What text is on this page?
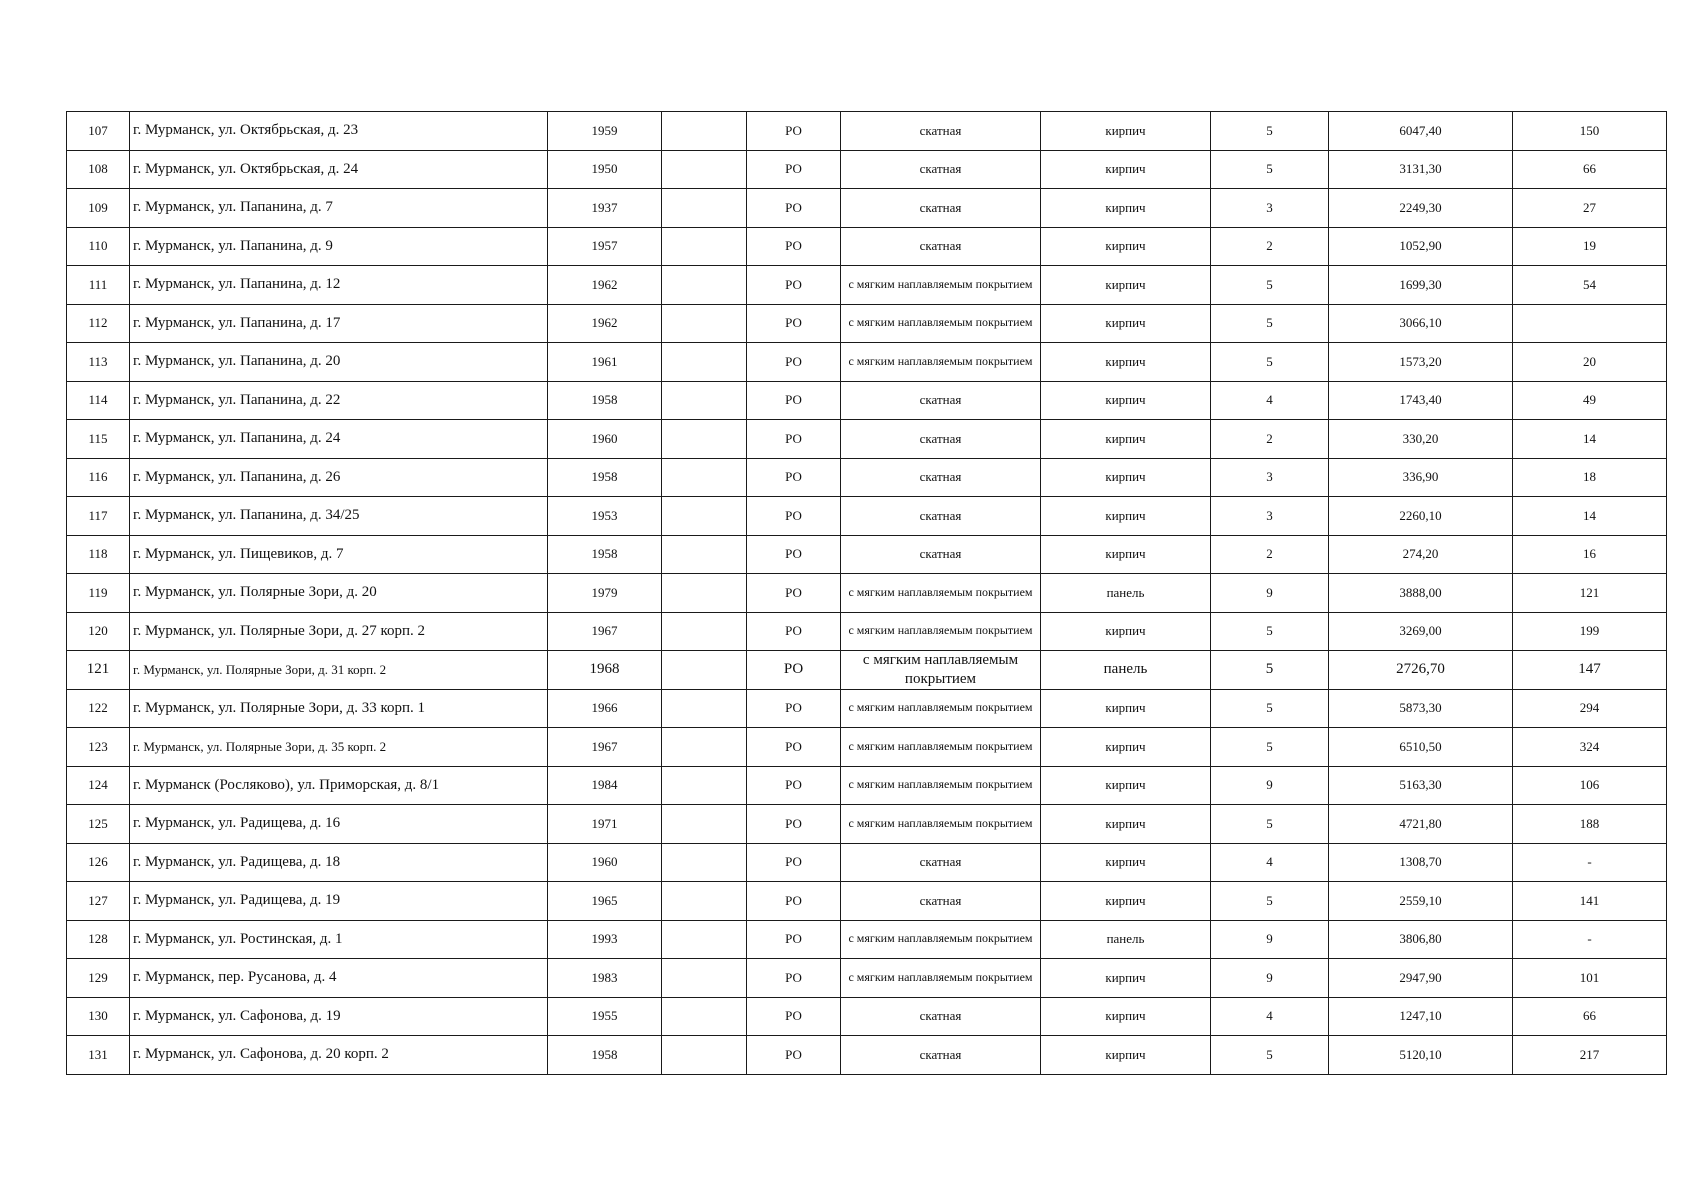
107	г. Мурманск, ул. Октябрьская, д. 23	1959		РО	скатная	кирпич	5	6047,40	150
108	г. Мурманск, ул. Октябрьская, д. 24	1950		РО	скатная	кирпич	5	3131,30	66
109	г. Мурманск, ул. Папанина, д. 7	1937		РО	скатная	кирпич	3	2249,30	27
110	г. Мурманск, ул. Папанина, д. 9	1957		РО	скатная	кирпич	2	1052,90	19
111	г. Мурманск, ул. Папанина, д. 12	1962		РО	с мягким наплавляемым покрытием	кирпич	5	1699,30	54
112	г. Мурманск, ул. Папанина, д. 17	1962		РО	с мягким наплавляемым покрытием	кирпич	5	3066,10	
113	г. Мурманск, ул. Папанина, д. 20	1961		РО	с мягким наплавляемым покрытием	кирпич	5	1573,20	20
114	г. Мурманск, ул. Папанина, д. 22	1958		РО	скатная	кирпич	4	1743,40	49
115	г. Мурманск, ул. Папанина, д. 24	1960		РО	скатная	кирпич	2	330,20	14
116	г. Мурманск, ул. Папанина, д. 26	1958		РО	скатная	кирпич	3	336,90	18
117	г. Мурманск, ул. Папанина, д. 34/25	1953		РО	скатная	кирпич	3	2260,10	14
118	г. Мурманск, ул. Пищевиков, д. 7	1958		РО	скатная	кирпич	2	274,20	16
119	г. Мурманск, ул. Полярные Зори, д. 20	1979		РО	с мягким наплавляемым покрытием	панель	9	3888,00	121
120	г. Мурманск, ул. Полярные Зори, д. 27 корп. 2	1967		РО	с мягким наплавляемым покрытием	кирпич	5	3269,00	199
121	г. Мурманск, ул. Полярные Зори, д. 31 корп. 2	1968		РО	с мягким наплавляемым покрытием	панель	5	2726,70	147
122	г. Мурманск, ул. Полярные Зори, д. 33 корп. 1	1966		РО	с мягким наплавляемым покрытием	кирпич	5	5873,30	294
123	г. Мурманск, ул. Полярные Зори, д. 35 корп. 2	1967		РО	с мягким наплавляемым покрытием	кирпич	5	6510,50	324
124	г. Мурманск (Росляково), ул. Приморская, д. 8/1	1984		РО	с мягким наплавляемым покрытием	кирпич	9	5163,30	106
125	г. Мурманск, ул. Радищева, д. 16	1971		РО	с мягким наплавляемым покрытием	кирпич	5	4721,80	188
126	г. Мурманск, ул. Радищева, д. 18	1960		РО	скатная	кирпич	4	1308,70	-
127	г. Мурманск, ул. Радищева, д. 19	1965		РО	скатная	кирпич	5	2559,10	141
128	г. Мурманск, ул. Ростинская, д. 1	1993		РО	с мягким наплавляемым покрытием	панель	9	3806,80	-
129	г. Мурманск, пер. Русанова, д. 4	1983		РО	с мягким наплавляемым покрытием	кирпич	9	2947,90	101
130	г. Мурманск, ул. Сафонова, д. 19	1955		РО	скатная	кирпич	4	1247,10	66
131	г. Мурманск, ул. Сафонова, д. 20 корп. 2	1958		РО	скатная	кирпич	5	5120,10	217
